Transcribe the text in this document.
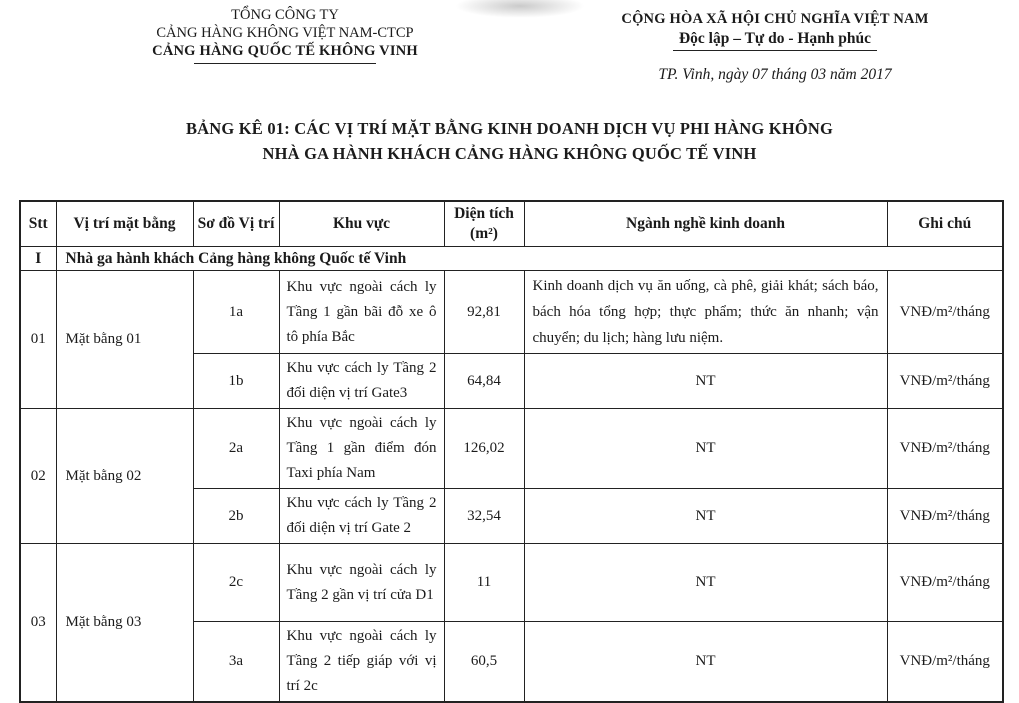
TỔNG CÔNG TY
CẢNG HÀNG KHÔNG VIỆT NAM-CTCP
CẢNG HÀNG QUỐC TẾ KHÔNG VINH
CỘNG HÒA XÃ HỘI CHỦ NGHĨA VIỆT NAM
Độc lập – Tự do - Hạnh phúc
TP. Vinh, ngày 07 tháng 03 năm 2017
BẢNG KÊ 01: CÁC VỊ TRÍ MẶT BẰNG KINH DOANH DỊCH VỤ PHI HÀNG KHÔNG
NHÀ GA HÀNH KHÁCH CẢNG HÀNG KHÔNG QUỐC TẾ VINH
Stt	Vị trí mặt bằng	Sơ đồ Vị trí	Khu vực	Diện tích (m²)	Ngành nghề kinh doanh	Ghi chú
I	Nhà ga hành khách Cảng hàng không Quốc tế Vinh					
01	Mặt bằng 01	1a	Khu vực ngoài cách ly Tầng 1 gần bãi đỗ xe ô tô phía Bắc	92,81	Kinh doanh dịch vụ ăn uống, cà phê, giải khát; sách báo, bách hóa tổng hợp; thực phẩm; thức ăn nhanh; vận chuyển; du lịch; hàng lưu niệm.	VNĐ/m²/tháng
		1b	Khu vực cách ly Tầng 2 đối diện vị trí Gate3	64,84	NT	VNĐ/m²/tháng
02	Mặt bằng 02	2a	Khu vực ngoài cách ly Tầng 1 gần điểm đón Taxi phía Nam	126,02	NT	VNĐ/m²/tháng
		2b	Khu vực cách ly Tầng 2 đối diện vị trí Gate 2	32,54	NT	VNĐ/m²/tháng
03	Mặt bằng 03	2c	Khu vực ngoài cách ly Tầng 2 gần vị trí cửa D1	11	NT	VNĐ/m²/tháng
		3a	Khu vực ngoài cách ly Tầng 2 tiếp giáp với vị trí 2c	60,5	NT	VNĐ/m²/tháng
